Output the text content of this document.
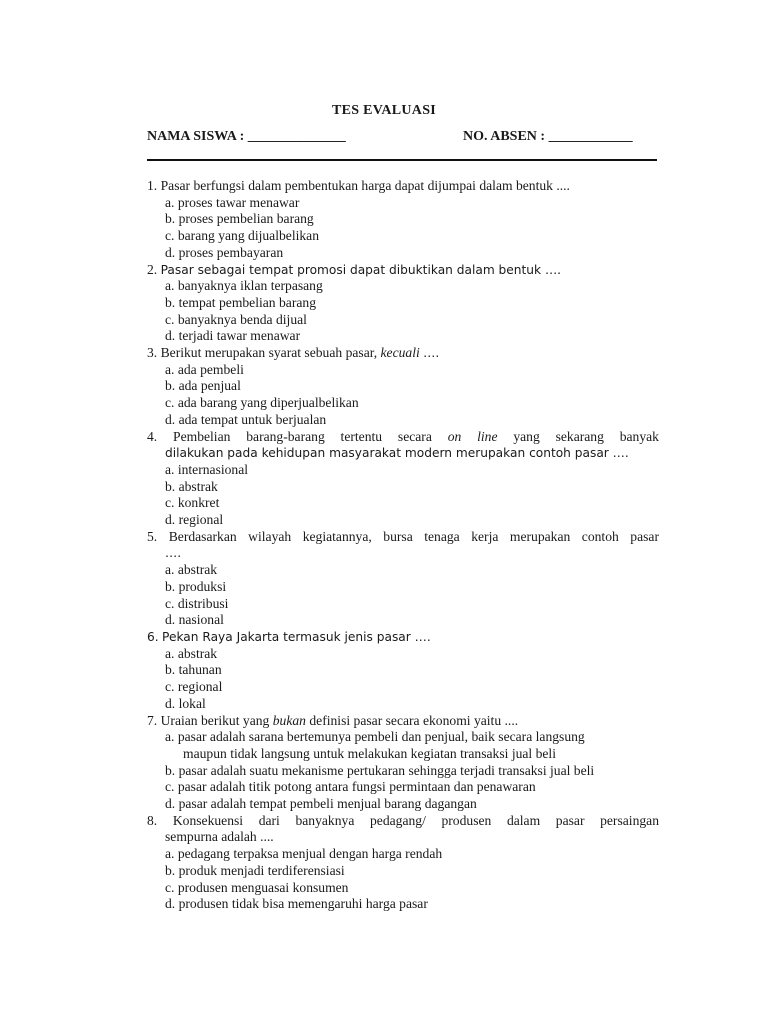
TES EVALUASI
NAMA SISWA : ______________	NO. ABSEN : ____________
1. Pasar berfungsi dalam pembentukan harga dapat dijumpai dalam bentuk ....
a. proses tawar menawar
b. proses pembelian barang
c. barang yang dijualbelikan
d. proses pembayaran
2. Pasar sebagai tempat promosi dapat dibuktikan dalam bentuk ….
a. banyaknya iklan terpasang
b. tempat pembelian barang
c. banyaknya benda dijual
d. terjadi tawar menawar
3. Berikut merupakan syarat sebuah pasar, kecuali ….
a. ada pembeli
b. ada penjual
c. ada barang yang diperjualbelikan
d. ada tempat untuk berjualan
4. Pembelian barang-barang tertentu secara on line yang sekarang banyak
dilakukan pada kehidupan masyarakat modern merupakan contoh pasar ….
a. internasional
b. abstrak
c. konkret
d. regional
5. Berdasarkan wilayah kegiatannya, bursa tenaga kerja merupakan contoh pasar
….
a. abstrak
b. produksi
c. distribusi
d. nasional
6. Pekan Raya Jakarta termasuk jenis pasar ….
a. abstrak
b. tahunan
c. regional
d. lokal
7. Uraian berikut yang bukan definisi pasar secara ekonomi yaitu ....
a. pasar adalah sarana bertemunya pembeli dan penjual, baik secara langsung
maupun tidak langsung untuk melakukan kegiatan transaksi jual beli
b. pasar adalah suatu mekanisme pertukaran sehingga terjadi transaksi jual beli
c. pasar adalah titik potong antara fungsi permintaan dan penawaran
d. pasar adalah tempat pembeli menjual barang dagangan
8. Konsekuensi dari banyaknya pedagang/ produsen dalam pasar persaingan
sempurna adalah ....
a. pedagang terpaksa menjual dengan harga rendah
b. produk menjadi terdiferensiasi
c. produsen menguasai konsumen
d. produsen tidak bisa memengaruhi harga pasar
